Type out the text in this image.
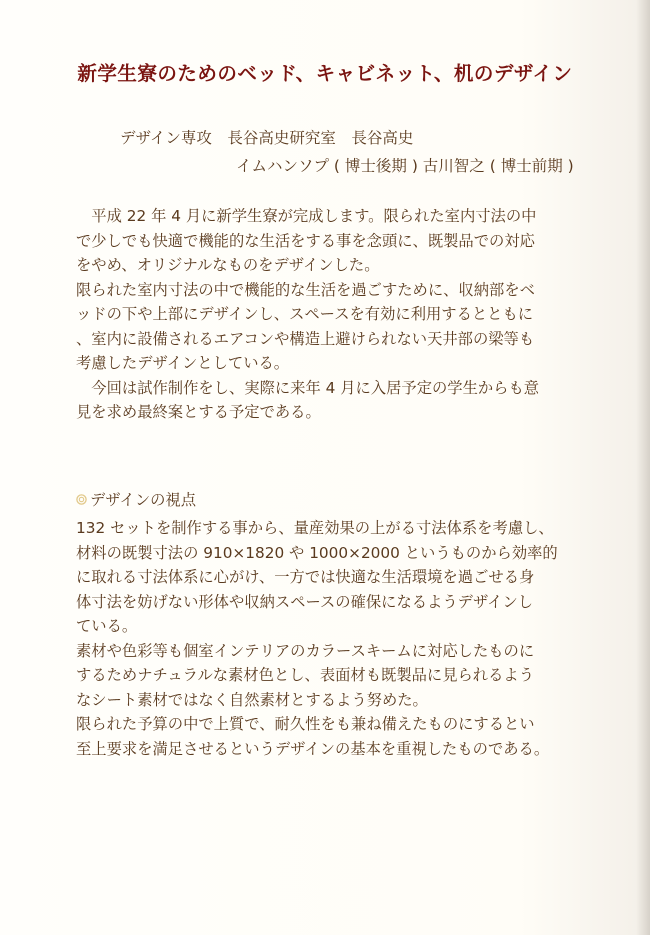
新学生寮のためのベッド、キャビネット、机のデザイン
デザイン専攻　長谷高史研究室　長谷高史
イムハンソプ ( 博士後期 ) 古川智之 ( 博士前期 )
　平成 22 年 4 月に新学生寮が完成します。限られた室内寸法の中
で少しでも快適で機能的な生活をする事を念頭に、既製品での対応
をやめ、オリジナルなものをデザインした。
限られた室内寸法の中で機能的な生活を過ごすために、収納部をベ
ッドの下や上部にデザインし、スペースを有効に利用するとともに
、室内に設備されるエアコンや構造上避けられない天井部の梁等も
考慮したデザインとしている。
　今回は試作制作をし、実際に来年 4 月に入居予定の学生からも意
見を求め最終案とする予定である。
デザインの視点
132 セットを制作する事から、量産効果の上がる寸法体系を考慮し、
材料の既製寸法の 910×1820 や 1000×2000 というものから効率的
に取れる寸法体系に心がけ、一方では快適な生活環境を過ごせる身
体寸法を妨げない形体や収納スペースの確保になるようデザインし
ている。
素材や色彩等も個室インテリアのカラースキームに対応したものに
するためナチュラルな素材色とし、表面材も既製品に見られるよう
なシート素材ではなく自然素材とするよう努めた。
限られた予算の中で上質で、耐久性をも兼ね備えたものにするとい
至上要求を満足させるというデザインの基本を重視したものである。
